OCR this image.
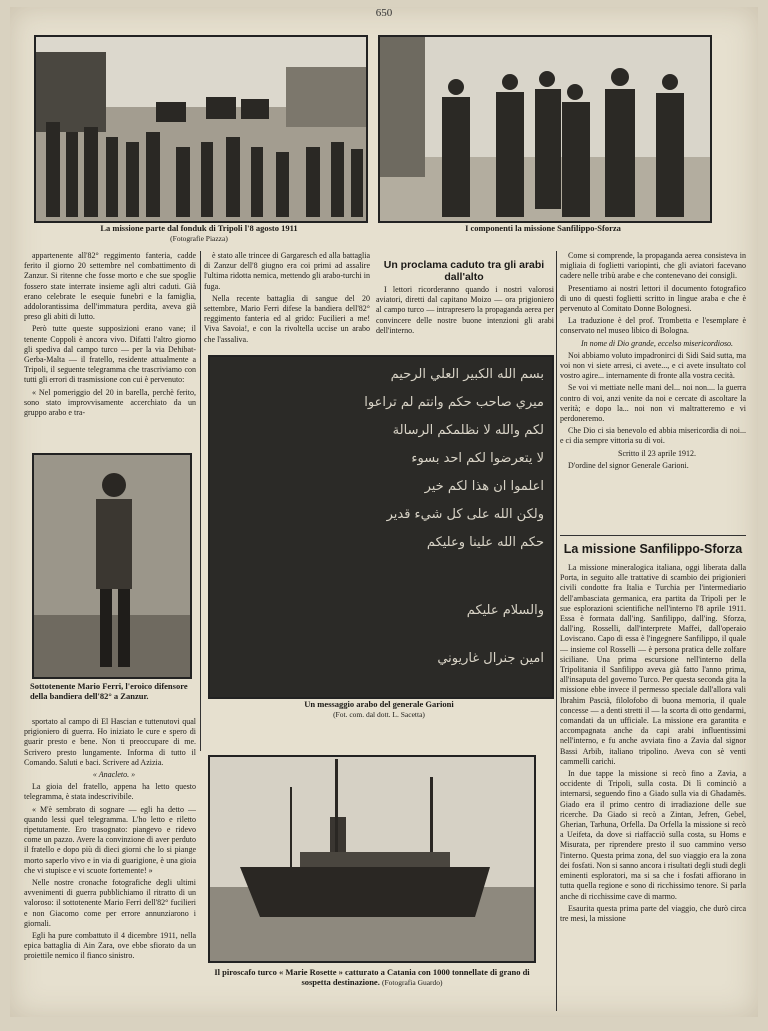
650
La missione parte dal fonduk di Tripoli l'8 agosto 1911
(Fotografie Piazza)
I componenti la missione Sanfilippo-Sforza

appartenente all'82° reggimento fanteria, cadde ferito il giorno 20 settembre nel combattimento di Zanzur. Si ritenne che fosse morto e che sue spoglie fossero state interrate insieme agli altri caduti. Già erano celebrate le esequie funebri e la famiglia, addolorantissima dell'immatura perdita, aveva già preso gli abiti di lutto.

Però tutte queste supposizioni erano vane; il tenente Coppoli è ancora vivo. Difatti l'altro giorno gli spediva dal campo turco — per la via Dehibat-Gerba-Malta — il fratello, residente attualmente a Tripoli, il seguente telegramma che trascriviamo con tutti gli errori di trasmissione con cui è pervenuto:

« Nel pomeriggio del 20 in barella, perchè ferito, sono stato improvvisamente accerchiato da un gruppo arabo e tra-

Sottotenente Mario Ferri, l'eroico difensore della bandiera dell'82° a Zanzur.

sportato al campo di El Hascian e tuttenutovi qual prigioniero di guerra. Ho iniziato le cure e spero di guarir presto e bene. Non ti preoccupare di me. Scrivero presto lungamente. Informa di tutto il Comando. Saluti e baci. Scrivere ad Azizia.

« Anacleto. »

La gioia del fratello, appena ha letto questo telegramma, è stata indescrivibile.

« M'è sembrato di sognare — egli ha detto — quando lessi quel telegramma. L'ho letto e riletto ripetutamente. Ero trasognato: piangevo e ridevo come un pazzo. Avere la convinzione di aver perduto il fratello e dopo più di dieci giorni che lo si piange morto saperlo vivo e in via di guarigione, è una gioia che vi stupisce e vi scuote fortemente! »

Nelle nostre cronache fotografiche degli ultimi avvenimenti di guerra pubblichiamo il ritratto di un valoroso: il sottotenente Mario Ferri dell'82° fucilieri e non Giacomo come per errore annunziarono i giornali.

Egli ha pure combattuto il 4 dicembre 1911, nella epica battaglia di Ain Zara, ove ebbe sfiorato da un proiettile nemico il fianco sinistro.

è stato alle trincee di Gargaresch ed alla battaglia di Zanzur dell'8 giugno era coi primi ad assalire l'ultima ridotta nemica, mettendo gli arabo-turchi in fuga.

Nella recente battaglia di sangue del 20 settembre, Mario Ferri difese la bandiera dell'82° reggimento fanteria ed al grido: Fucilieri a me! Viva Savoia!, e con la rivoltella uccise un arabo che l'assaliva.

Un proclama caduto tra gli arabi dall'alto

I lettori ricorderanno quando i nostri valorosi aviatori, diretti dal capitano Moizo — ora prigioniero al campo turco — intrapresero la propaganda aerea per convincere delle nostre buone intenzioni gli arabi dell'interno.

بسم الله الكبير العلي الرحيم
ميري صاحب حكم وانتم لم تراعوا
لكم والله لا نظلمكم الرسالة
لا يتعرضوا لكم احد بسوء
اعلموا ان هذا لكم خير
ولكن الله على كل شيء قدير
حكم الله علينا وعليكم
والسلام عليكم
امين جنرال غاريوني
Un messaggio arabo del generale Garioni
(Fot. com. dal dott. L. Sacetta)
Il piroscafo turco « Marie Rosette » catturato a Catania con 1000 tonnellate di grano di sospetta destinazione. (Fotografia Guardo)

Come si comprende, la propaganda aerea consisteva in migliaia di foglietti variopinti, che gli aviatori facevano cadere nelle tribù arabe e che contenevano dei consigli.

Presentiamo ai nostri lettori il documento fotografico di uno di questi foglietti scritto in lingue araba e che è pervenuto al Comitato Donne Bolognesi.

La traduzione è del prof. Trombetta e l'esemplare è conservato nel museo libico di Bologna.

In nome di Dio grande, eccelso misericordioso.

Noi abbiamo voluto impadronirci di Sidi Said sutta, ma voi non vi siete arresi, ci avete..., e ci avete insultato col vostro agire... internamente di fronte alla vostra cecità.

Se voi vi mettiate nelle mani del... noi non.... la guerra contro di voi, anzi venite da noi e cercate di ascoltare la verità; e dopo la... noi non vi maltratteremo e vi perdoneremo.

Che Dio ci sia benevolo ed abbia misericordia di noi... e ci dia sempre vittoria su di voi.

Scritto il 23 aprile 1912.

D'ordine del signor Generale Garioni.

La missione Sanfilippo-Sforza

La missione mineralogica italiana, oggi liberata dalla Porta, in seguito alle trattative di scambio dei prigionieri civili condotte fra Italia e Turchia per l'intermediario dell'ambasciata germanica, era partita da Tripoli per le sue esplorazioni scientifiche nell'interno l'8 aprile 1911. Essa è formata dall'ing. Sanfilippo, dall'ing. Sforza, dall'ing. Rosselli, dall'interprete Maffei, dall'operaio Loviscano. Capo di essa è l'ingegnere Sanfilippo, il quale — insieme col Rosselli — è persona pratica delle zolfare siciliane. Una prima escursione nell'interno della Tripolitania il Sanfilippo aveva già fatto l'anno prima, all'insaputa del governo Turco. Per questa seconda gita la missione ebbe invece il permesso speciale dall'allora vali Ibrahim Pascià, filolofobo di buona memoria, il quale concesse — a denti stretti il — la scorta di otto gendarmi, comandati da un ufficiale. La missione era garantita e accompagnata anche da capi arabi influentissimi nell'interno, e fu anche avviata fino a Zavia dal signor Bassi Arbib, italiano tripolino. Aveva con sè venti cammelli carichi.

In due tappe la missione si recò fino a Zavia, a occidente di Tripoli, sulla costa. Di lì cominciò a internarsi, seguendo fino a Giado sulla via di Ghadamès. Giado era il primo centro di irradiazione delle sue ricerche. Da Giado si recò a Zintan, Jefren, Gebel, Gherian, Tarhuna, Orfella. Da Orfella la missione si recò a Ueifeta, da dove si riaffacciò sulla costa, su Homs e Misurata, per riprendere presto il suo cammino verso l'interno. Questa prima zona, del suo viaggio era la zona dei fosfati. Non si sanno ancora i risultati degli studi degli eminenti esploratori, ma si sa che i fosfati affiorano in tutta quella regione e sono di ricchissimo tenore. Si parla anche di ricchissime cave di marmo.

Esaurita questa prima parte del viaggio, che durò circa tre mesi, la missione
